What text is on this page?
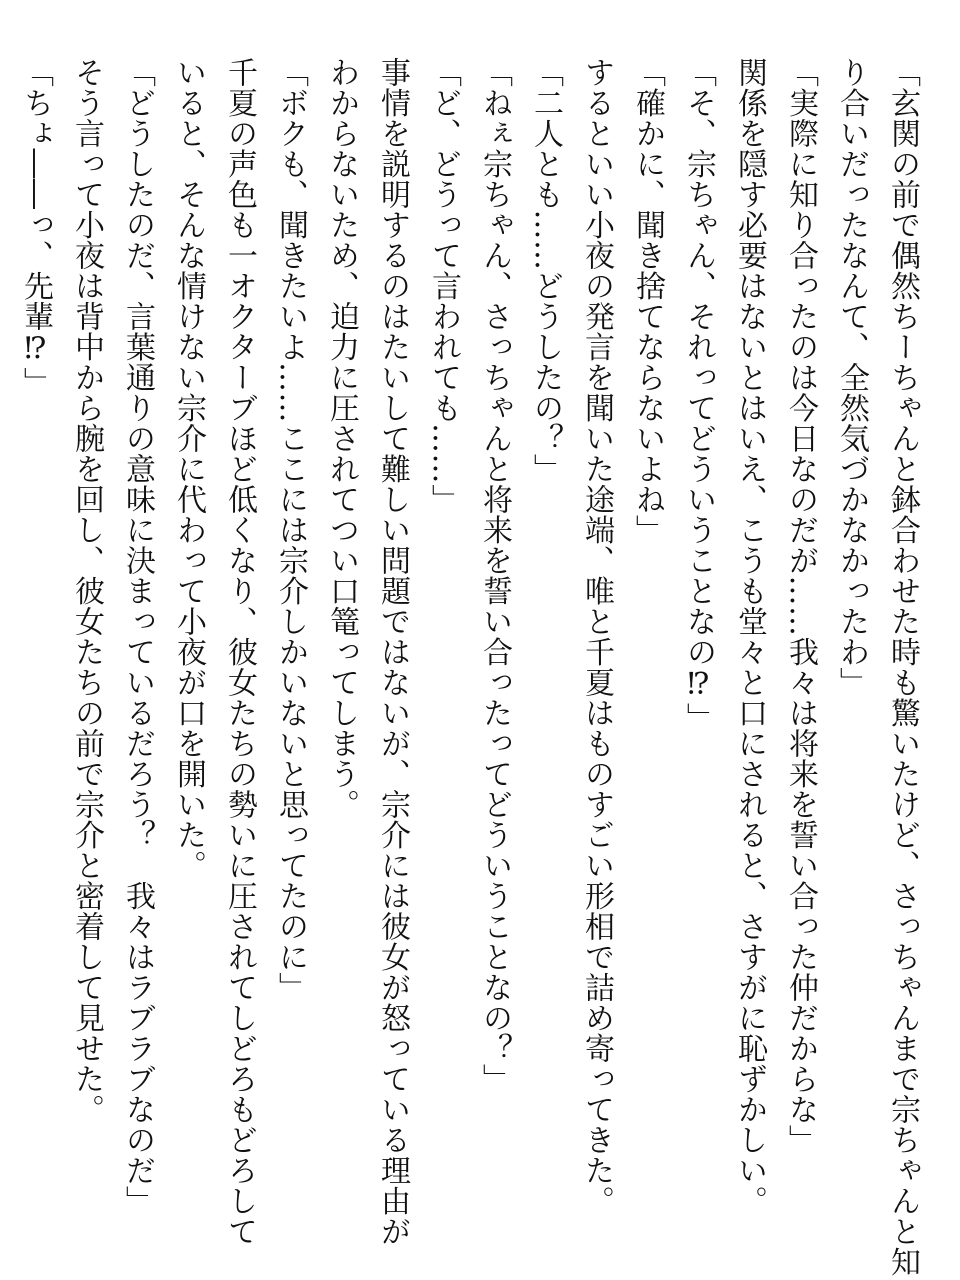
「玄関の前で偶然ちーちゃんと鉢合わせた時も驚いたけど、さっちゃんまで宗ちゃんと知

り合いだったなんて、全然気づかなかったわ」

「実際に知り合ったのは今日なのだが……我々は将来を誓い合った仲だからな」

関係を隠す必要はないとはいえ、こうも堂々と口にされると、さすがに恥ずかしい。

「そ、宗ちゃん、それってどういうことなの⁉」

「確かに、聞き捨てならないよね」

するといい小夜の発言を聞いた途端、唯と千夏はものすごい形相で詰め寄ってきた。

「二人とも……どうしたの？」

「ねぇ宗ちゃん、さっちゃんと将来を誓い合ったってどういうことなの？」

「ど、どうって言われても……」

事情を説明するのはたいして難しい問題ではないが、宗介には彼女が怒っている理由が

わからないため、迫力に圧されてつい口篭ってしまう。

「ボクも、聞きたいよ……ここには宗介しかいないと思ってたのに」

千夏の声色も一オクターブほど低くなり、彼女たちの勢いに圧されてしどろもどろして

いると、そんな情けない宗介に代わって小夜が口を開いた。

「どうしたのだ、言葉通りの意味に決まっているだろう？　我々はラブラブなのだ」

そう言って小夜は背中から腕を回し、彼女たちの前で宗介と密着して見せた。

「ちょ――っ、先輩⁉」
